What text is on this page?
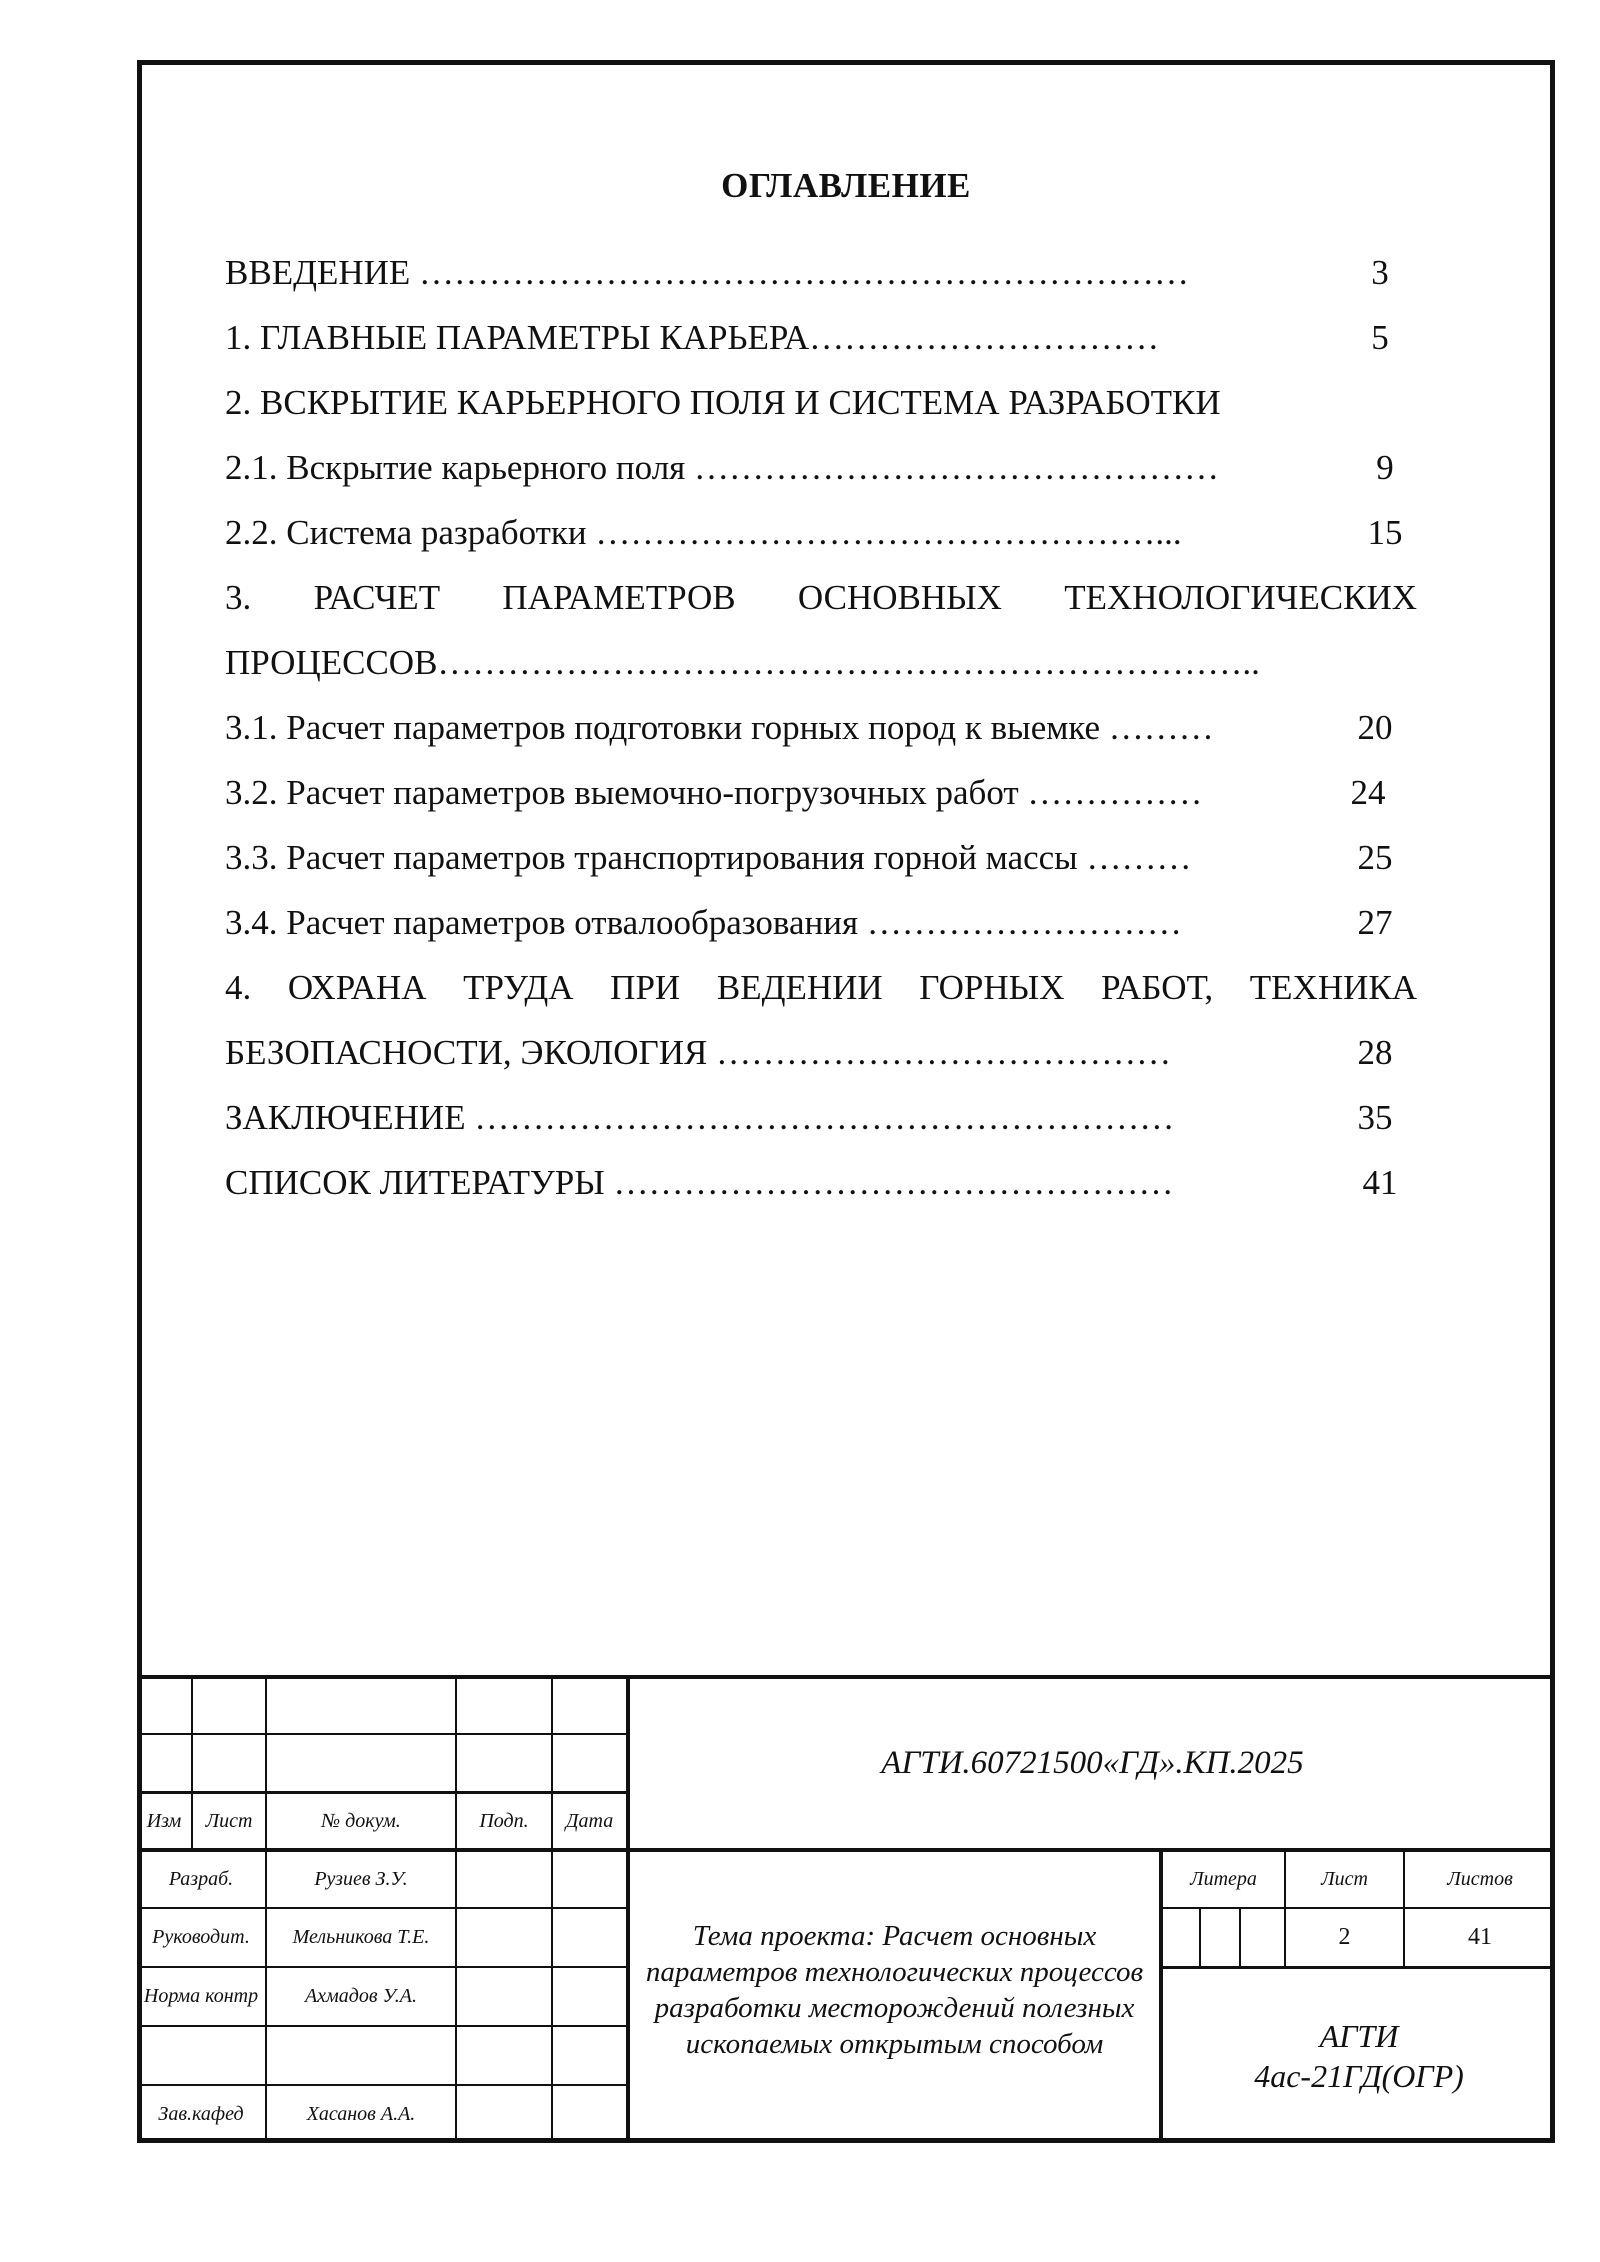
ОГЛАВЛЕНИЕ
ВВЕДЕНИЕ …………………………………………………………	3
1. ГЛАВНЫЕ ПАРАМЕТРЫ КАРЬЕРА…………………………	5
2. ВСКРЫТИЕ КАРЬЕРНОГО ПОЛЯ И СИСТЕМА РАЗРАБОТКИ
2.1. Вскрытие карьерного поля ………………………………………	9
2.2. Система разработки …………………………………………...	15
3. РАСЧЕТ ПАРАМЕТРОВ ОСНОВНЫХ ТЕХНОЛОГИЧЕСКИХ
ПРОЦЕССОВ……………………………………………………………..
3.1. Расчет параметров подготовки горных пород к выемке ………	20
3.2. Расчет параметров выемочно-погрузочных работ ……………	24
3.3. Расчет параметров транспортирования горной массы ………	25
3.4. Расчет параметров отвалообразования ………………………	27
4. ОХРАНА ТРУДА ПРИ ВЕДЕНИИ ГОРНЫХ РАБОТ, ТЕХНИКА
БЕЗОПАСНОСТИ, ЭКОЛОГИЯ …………………………………	28
ЗАКЛЮЧЕНИЕ ……………………………………………………	35
СПИСОК ЛИТЕРАТУРЫ …………………………………………	41
АГТИ.60721500«ГД».КП.2025
Изм	Лист	№ докум.	Подп.	Дата
Разраб.	Рузиев З.У.
Руководит.	Мельникова Т.Е.
Норма контр	Ахмадов У.А.
Зав.кафед	Хасанов А.А.
Тема проекта: Расчет основных параметров технологических процессов разработки месторождений полезных ископаемых открытым способом
Литера	Лист	Листов
2	41
АГТИ
4ас-21ГД(ОГР)
